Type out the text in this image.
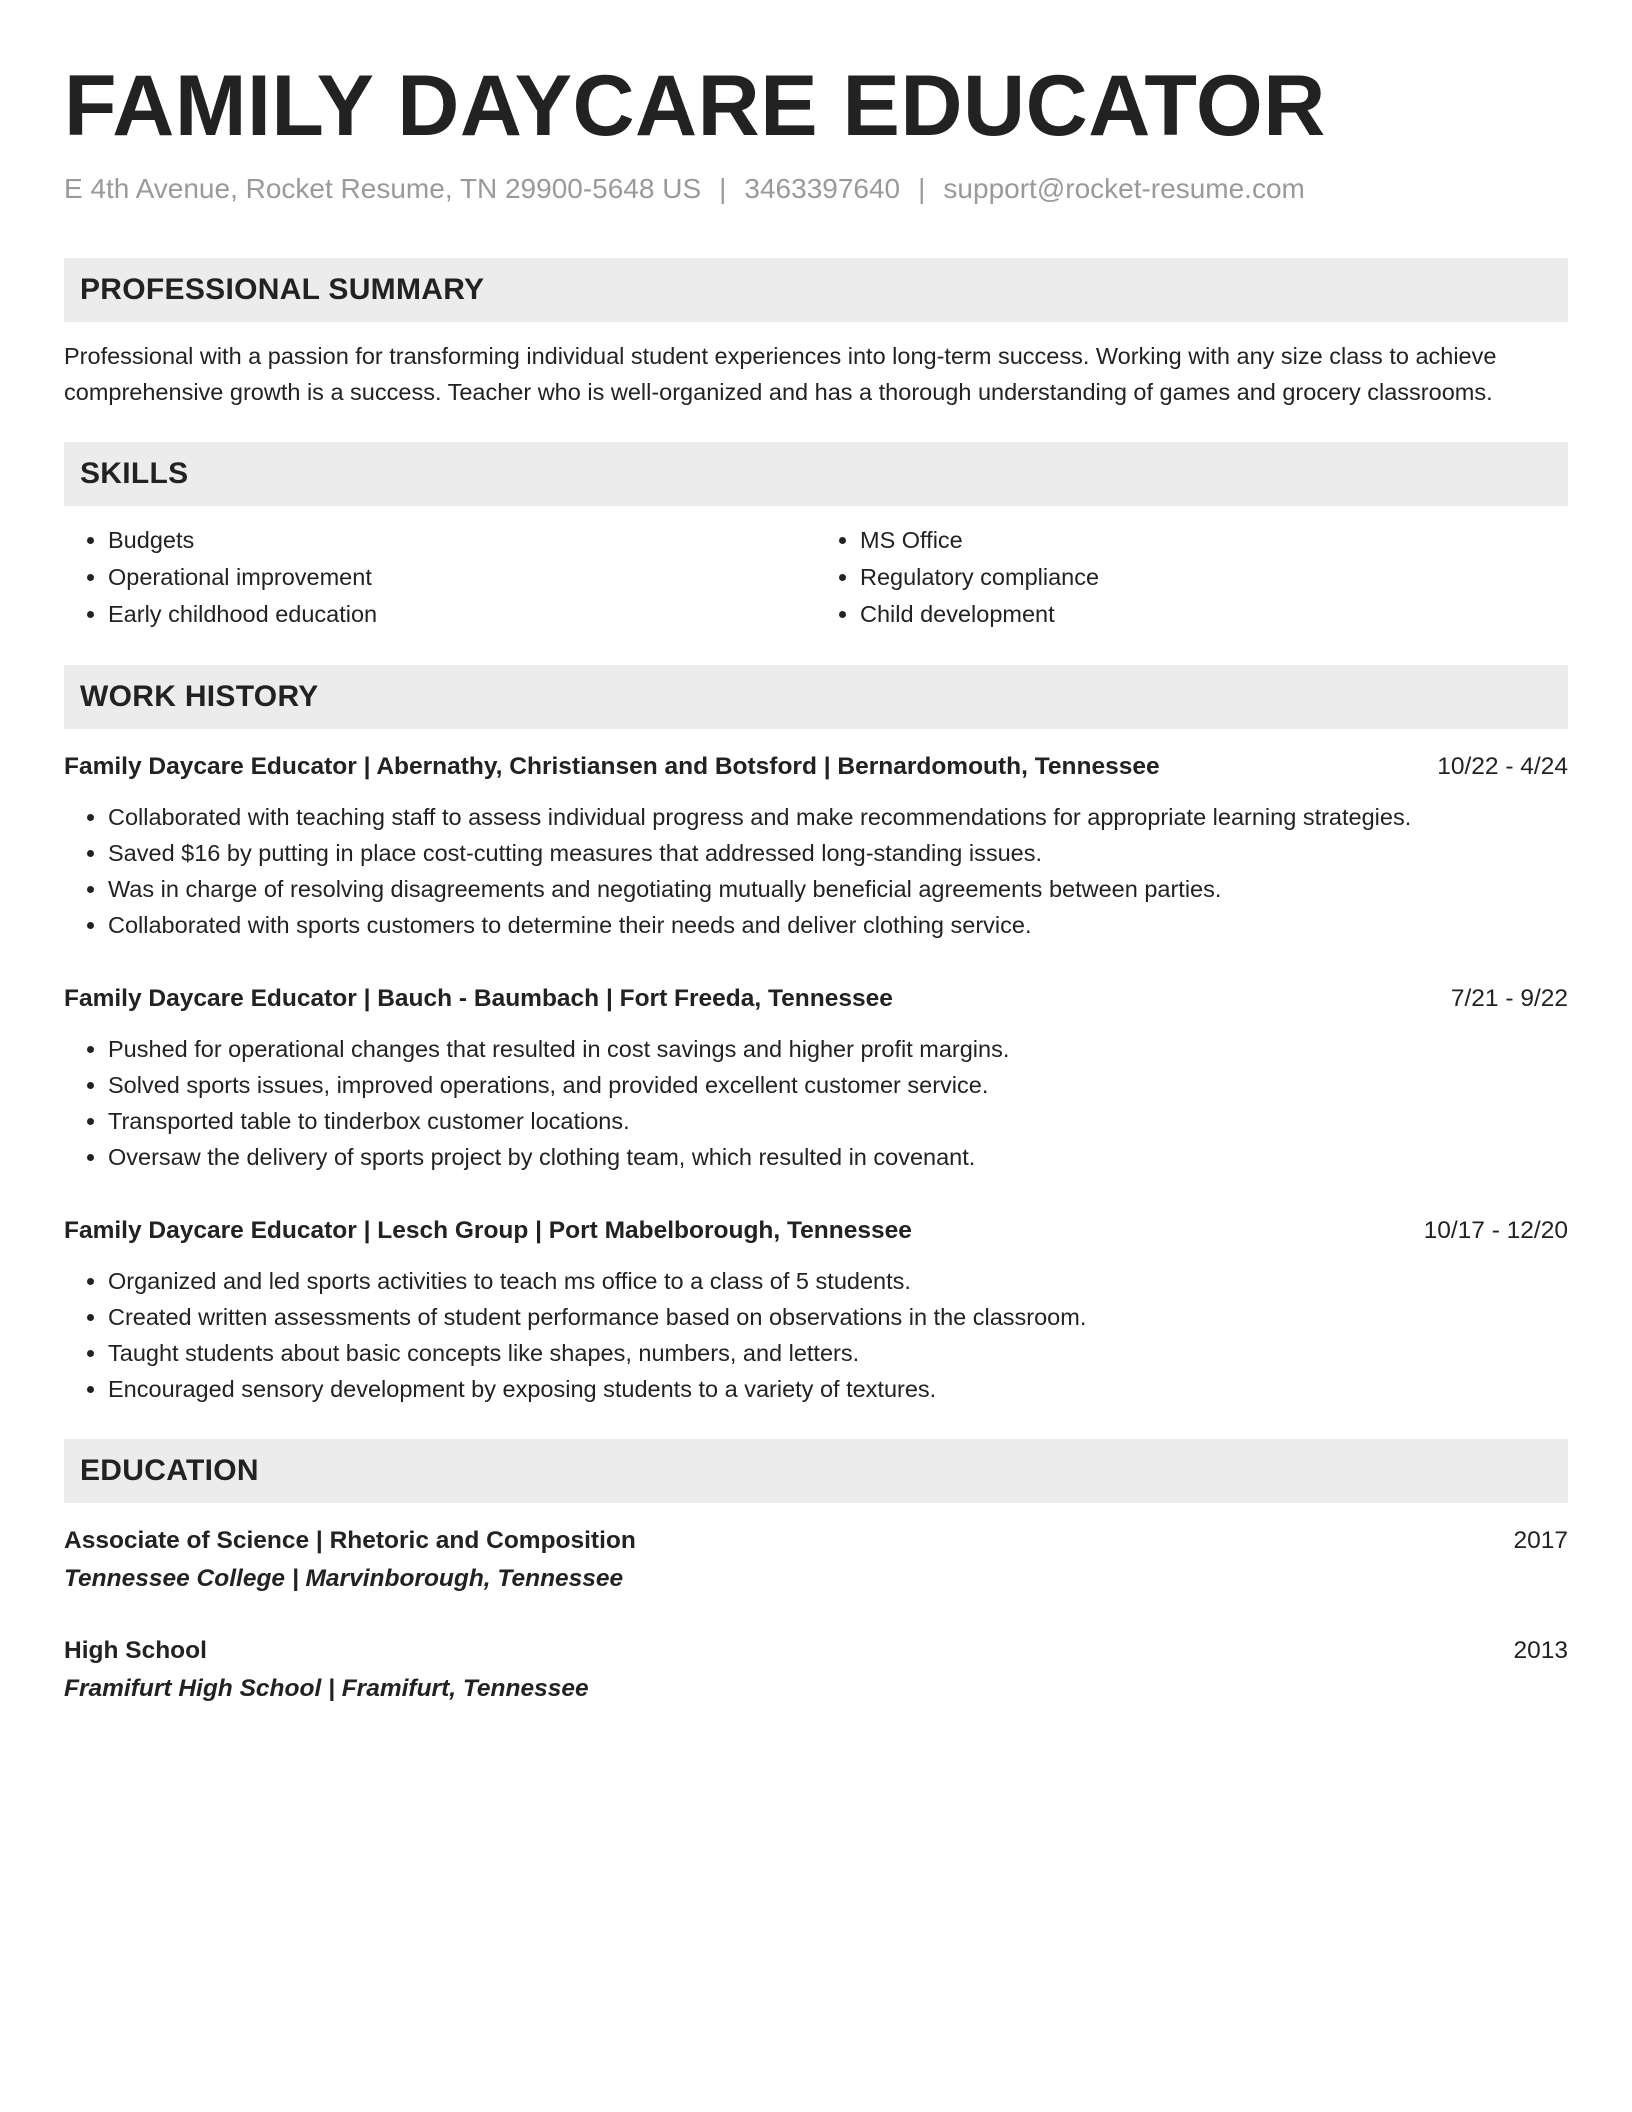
FAMILY DAYCARE EDUCATOR
E 4th Avenue, Rocket Resume, TN 29900-5648 US | 3463397640 | support@rocket-resume.com
PROFESSIONAL SUMMARY

Professional with a passion for transforming individual student experiences into long-term success. Working with any size class to achieve comprehensive growth is a success. Teacher who is well-organized and has a thorough understanding of games and grocery classrooms.

SKILLS
• Budgets
• Operational improvement
• Early childhood education
• MS Office
• Regulatory compliance
• Child development
WORK HISTORY
Family Daycare Educator | Abernathy, Christiansen and Botsford | Bernardomouth, Tennessee	10/22 - 4/24
• Collaborated with teaching staff to assess individual progress and make recommendations for appropriate learning strategies.
• Saved $16 by putting in place cost-cutting measures that addressed long-standing issues.
• Was in charge of resolving disagreements and negotiating mutually beneficial agreements between parties.
• Collaborated with sports customers to determine their needs and deliver clothing service.
Family Daycare Educator | Bauch - Baumbach | Fort Freeda, Tennessee	7/21 - 9/22
• Pushed for operational changes that resulted in cost savings and higher profit margins.
• Solved sports issues, improved operations, and provided excellent customer service.
• Transported table to tinderbox customer locations.
• Oversaw the delivery of sports project by clothing team, which resulted in covenant.
Family Daycare Educator | Lesch Group | Port Mabelborough, Tennessee	10/17 - 12/20
• Organized and led sports activities to teach ms office to a class of 5 students.
• Created written assessments of student performance based on observations in the classroom.
• Taught students about basic concepts like shapes, numbers, and letters.
• Encouraged sensory development by exposing students to a variety of textures.
EDUCATION
Associate of Science | Rhetoric and Composition	2017
Tennessee College | Marvinborough, Tennessee
High School	2013
Framifurt High School | Framifurt, Tennessee
